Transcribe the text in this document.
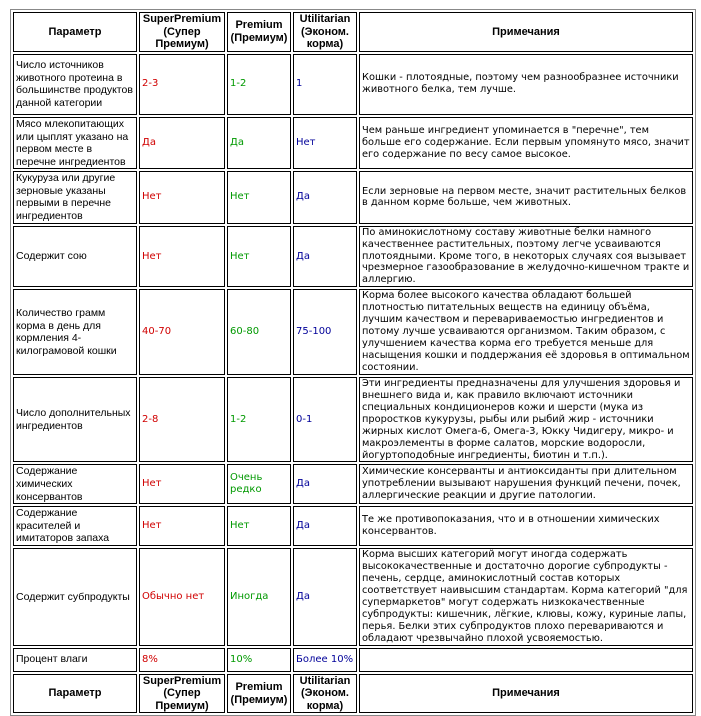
Параметр	SuperPremium (Супер Премиум)	Premium (Премиум)	Utilitarian (Эконом. корма)	Примечания
Число источников животного протеина в большинстве продуктов данной категории	2-3	1-2	1	Кошки - плотоядные, поэтому чем разнообразнее источники животного белка, тем лучше.
Мясо млекопитающих или цыплят указано на первом месте в перечне ингредиентов	Да	Да	Нет	Чем раньше ингредиент упоминается в "перечне", тем больше его содержание. Если первым упомянуто мясо, значит его содержание по весу самое высокое.
Кукуруза или другие зерновые указаны первыми в перечне ингредиентов	Нет	Нет	Да	Если зерновые на первом месте, значит растительных белков в данном корме больше, чем животных.
Содержит сою	Нет	Нет	Да	По аминокислотному составу животные белки намного качественнее растительных, поэтому легче усваиваются плотоядными. Кроме того, в некоторых случаях соя вызывает чрезмерное газообразование в желудочно-кишечном тракте и аллергию.
Количество грамм корма в день для кормления 4-килограмовой кошки	40-70	60-80	75-100	Корма более высокого качества обладают большей плотностью питательных веществ на единицу объёма, лучшим качеством и перевариваемостью ингредиентов и потому лучше усваиваются организмом. Таким образом, с улучшением качества корма его требуется меньше для насыщения кошки и поддержания её здоровья в оптимальном состоянии.
Число дополнительных ингредиентов	2-8	1-2	0-1	Эти ингредиенты предназначены для улучшения здоровья и внешнего вида и, как правило включают источники специальных кондиционеров кожи и шерсти (мука из проростков кукурузы, рыбы или рыбий жир - источники жирных кислот Омега-6, Омега-3, Юкку Чидигеру, микро- и макроэлементы в форме салатов, морские водоросли, йогуртоподобные ингредиенты, биотин и т.п.).
Содержание химических консервантов	Нет	Очень редко	Да	Химические консерванты и антиоксиданты при длительном употреблении вызывают нарушения функций печени, почек, аллергические реакции и другие патологии.
Содержание красителей и имитаторов запаха	Нет	Нет	Да	Те же противопоказания, что и в отношении химических консервантов.
Содержит субпродукты	Обычно нет	Иногда	Да	Корма высших категорий могут иногда содержать высококачественные и достаточно дорогие субпродукты - печень, сердце, аминокислотный состав которых соответствует наивысшим стандартам. Корма категорий "для супермаркетов" могут содержать низкокачественные субпродукты: кишечник, лёгкие, клювы, кожу, куриные лапы, перья. Белки этих субпродуктов плохо перевариваются и обладают чрезвычайно плохой усвояемостью.
Процент влаги	8%	10%	Более 10%	
Параметр	SuperPremium (Супер Премиум)	Premium (Премиум)	Utilitarian (Эконом. корма)	Примечания
